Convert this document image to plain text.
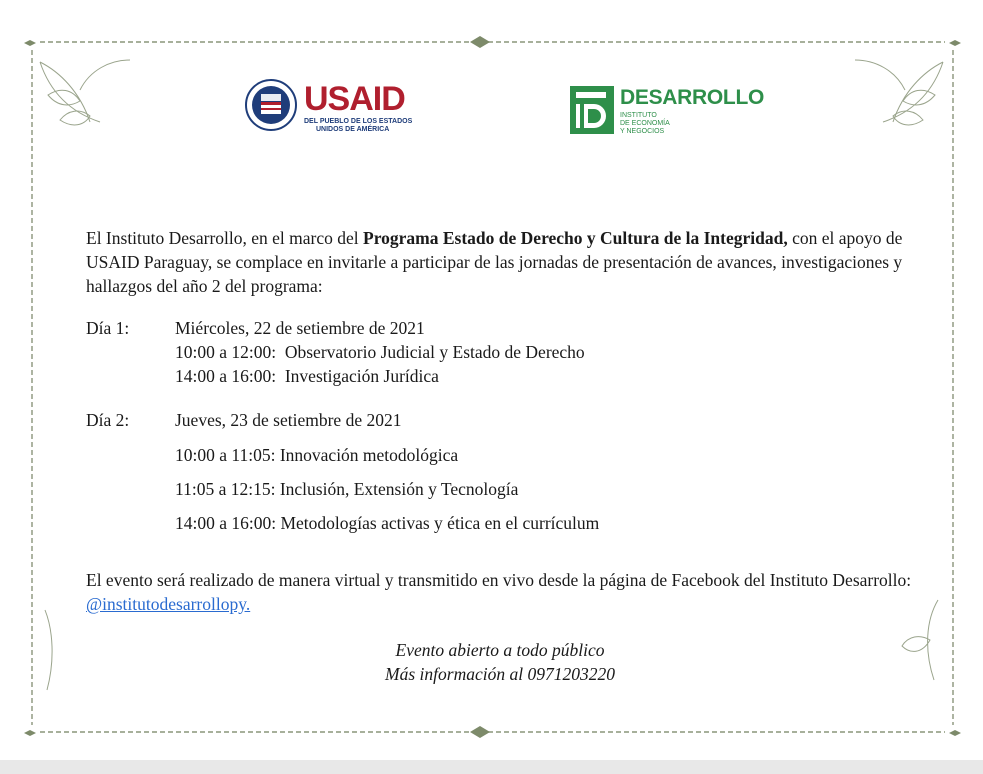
USAID
DEL PUEBLO DE LOS ESTADOS
UNIDOS DE AMÉRICA
DESARROLLO
INSTITUTO
DE ECONOMÍA
Y NEGOCIOS
El Instituto Desarrollo, en el marco del Programa Estado de Derecho y Cultura de la Integridad, con el apoyo de USAID Paraguay, se complace en invitarle a participar de las jornadas de presentación de avances, investigaciones y hallazgos del año 2 del programa:
Día 1:	Miércoles, 22 de setiembre de 2021
10:00 a 12:00:  Observatorio Judicial y Estado de Derecho
14:00 a 16:00:  Investigación Jurídica
Día 2:	Jueves, 23 de setiembre de 2021
10:00 a 11:05: Innovación metodológica
11:05 a 12:15: Inclusión, Extensión y Tecnología
14:00 a 16:00: Metodologías activas y ética en el currículum
El evento será realizado de manera virtual y transmitido en vivo desde la página de Facebook del Instituto Desarrollo: @institutodesarrollopy.
Evento abierto a todo público
Más información al 0971203220
